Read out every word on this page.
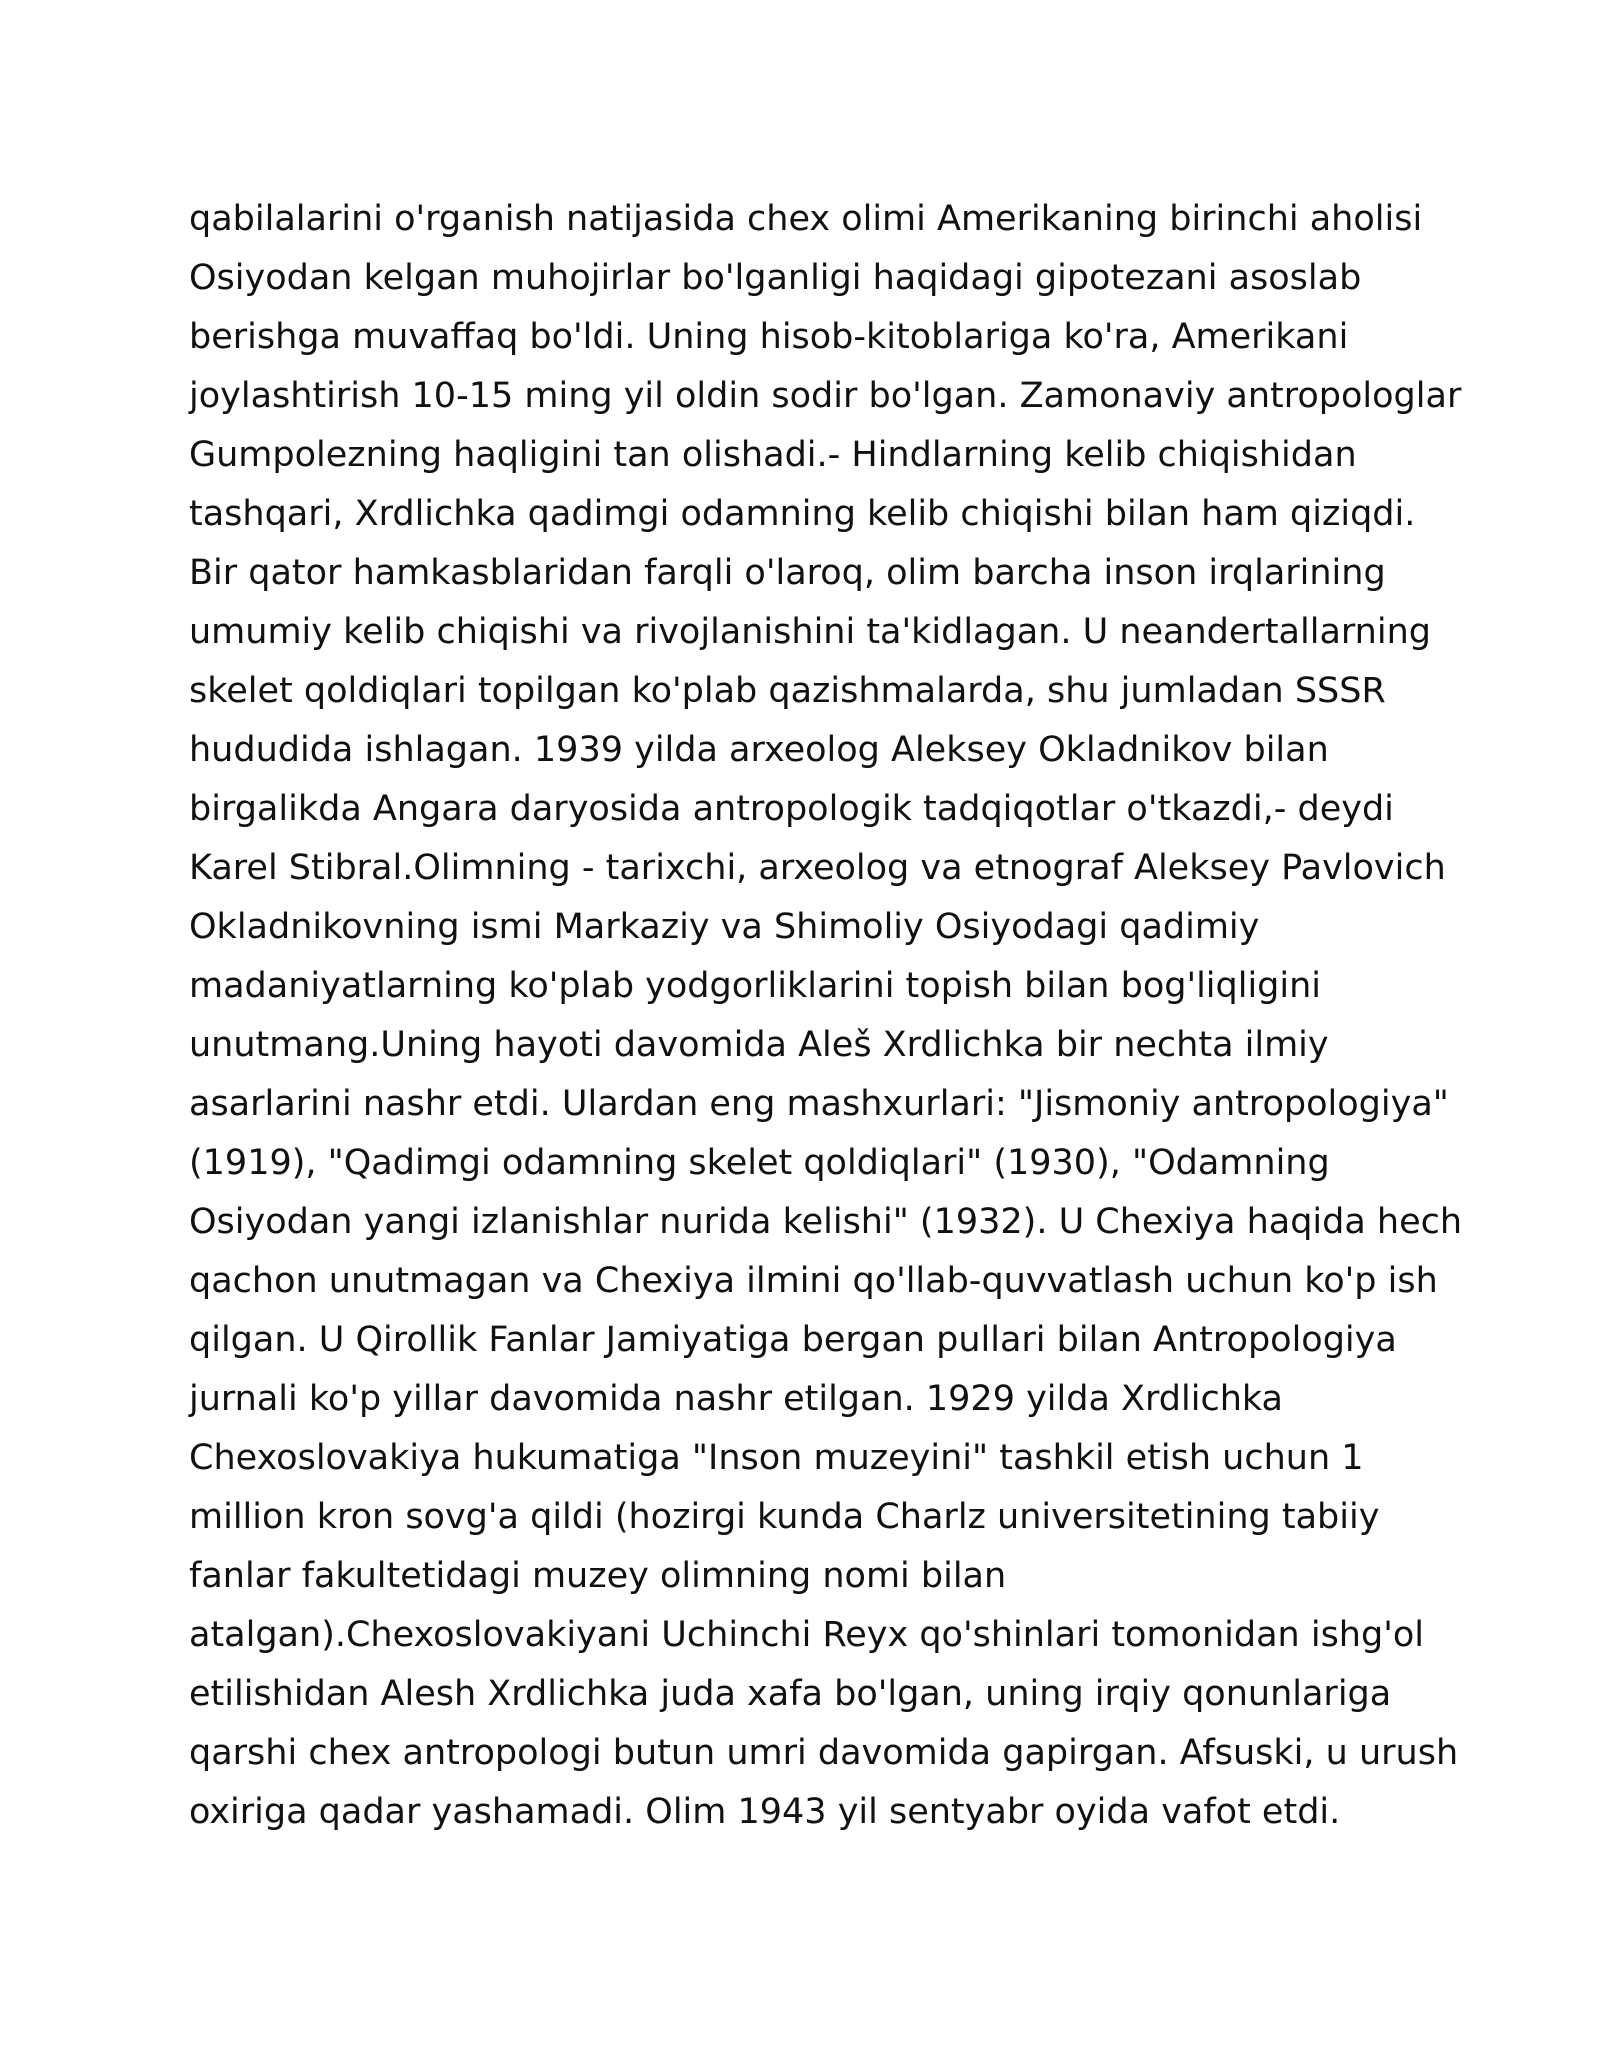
qabilalarini o'rganish natijasida chex olimi Amerikaning birinchi aholisi
Osiyodan kelgan muhojirlar bo'lganligi haqidagi gipotezani asoslab
berishga muvaffaq bo'ldi. Uning hisob-kitoblariga ko'ra, Amerikani
joylashtirish 10-15 ming yil oldin sodir bo'lgan. Zamonaviy antropologlar
Gumpolezning haqligini tan olishadi.- Hindlarning kelib chiqishidan
tashqari, Xrdlichka qadimgi odamning kelib chiqishi bilan ham qiziqdi.
Bir qator hamkasblaridan farqli o'laroq, olim barcha inson irqlarining
umumiy kelib chiqishi va rivojlanishini ta'kidlagan. U neandertallarning
skelet qoldiqlari topilgan ko'plab qazishmalarda, shu jumladan SSSR
hududida ishlagan. 1939 yilda arxeolog Aleksey Okladnikov bilan
birgalikda Angara daryosida antropologik tadqiqotlar o'tkazdi,- deydi
Karel Stibral.Olimning - tarixchi, arxeolog va etnograf Aleksey Pavlovich
Okladnikovning ismi Markaziy va Shimoliy Osiyodagi qadimiy
madaniyatlarning ko'plab yodgorliklarini topish bilan bog'liqligini
unutmang.Uning hayoti davomida Aleš Xrdlichka bir nechta ilmiy
asarlarini nashr etdi. Ulardan eng mashxurlari: "Jismoniy antropologiya"
(1919), "Qadimgi odamning skelet qoldiqlari" (1930), "Odamning
Osiyodan yangi izlanishlar nurida kelishi" (1932). U Chexiya haqida hech
qachon unutmagan va Chexiya ilmini qo'llab-quvvatlash uchun ko'p ish
qilgan. U Qirollik Fanlar Jamiyatiga bergan pullari bilan Antropologiya
jurnali ko'p yillar davomida nashr etilgan. 1929 yilda Xrdlichka
Chexoslovakiya hukumatiga "Inson muzeyini" tashkil etish uchun 1
million kron sovg'a qildi (hozirgi kunda Charlz universitetining tabiiy
fanlar fakultetidagi muzey olimning nomi bilan
atalgan).Chexoslovakiyani Uchinchi Reyx qo'shinlari tomonidan ishg'ol
etilishidan Alesh Xrdlichka juda xafa bo'lgan, uning irqiy qonunlariga
qarshi chex antropologi butun umri davomida gapirgan. Afsuski, u urush
oxiriga qadar yashamadi. Olim 1943 yil sentyabr oyida vafot etdi.
